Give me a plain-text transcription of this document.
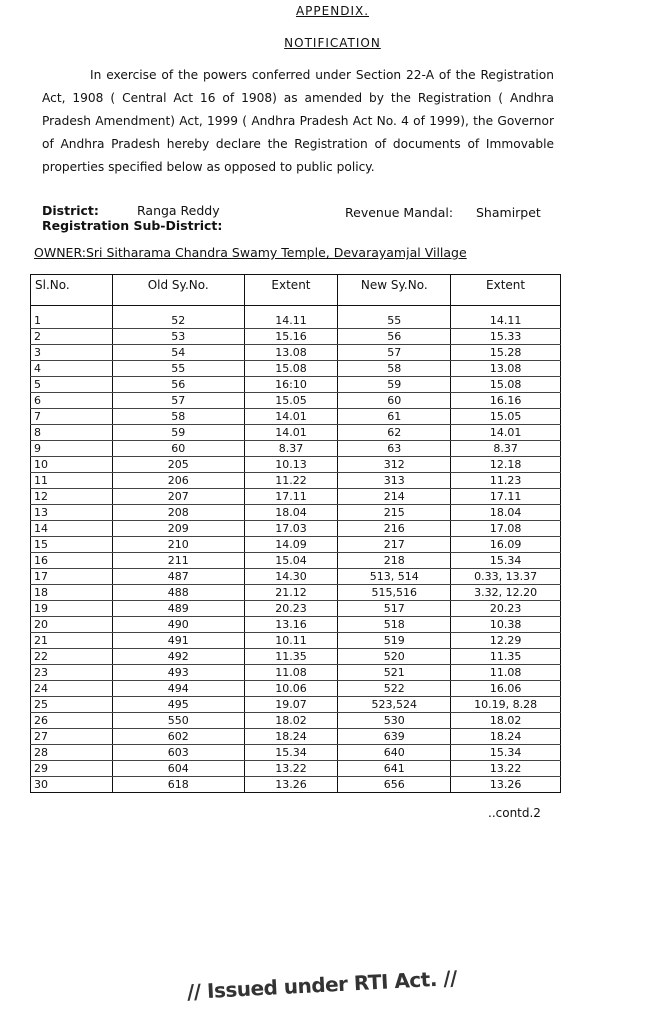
APPENDIX.
NOTIFICATION

In exercise of the powers conferred under Section 22-A of the Registration Act, 1908 ( Central Act 16 of 1908) as amended by the Registration ( Andhra Pradesh Amendment) Act, 1999 ( Andhra Pradesh Act No. 4 of 1999), the Governor of Andhra Pradesh hereby declare the Registration of documents of Immovable properties specified below as opposed to public policy.

District:	Ranga Reddy	Revenue Mandal: Shamirpet
Registration Sub-District:
OWNER:Sri Sitharama Chandra Swamy Temple, Devarayamjal Village
Sl.No.	Old Sy.No.	Extent	New Sy.No.	Extent
1	52	14.11	55	14.11
2	53	15.16	56	15.33
3	54	13.08	57	15.28
4	55	15.08	58	13.08
5	56	16:10	59	15.08
6	57	15.05	60	16.16
7	58	14.01	61	15.05
8	59	14.01	62	14.01
9	60	8.37	63	8.37
10	205	10.13	312	12.18
11	206	11.22	313	11.23
12	207	17.11	214	17.11
13	208	18.04	215	18.04
14	209	17.03	216	17.08
15	210	14.09	217	16.09
16	211	15.04	218	15.34
17	487	14.30	513, 514	0.33, 13.37
18	488	21.12	515,516	3.32, 12.20
19	489	20.23	517	20.23
20	490	13.16	518	10.38
21	491	10.11	519	12.29
22	492	11.35	520	11.35
23	493	11.08	521	11.08
24	494	10.06	522	16.06
25	495	19.07	523,524	10.19, 8.28
26	550	18.02	530	18.02
27	602	18.24	639	18.24
28	603	15.34	640	15.34
29	604	13.22	641	13.22
30	618	13.26	656	13.26
..contd.2
// Issued under RTI Act. //
